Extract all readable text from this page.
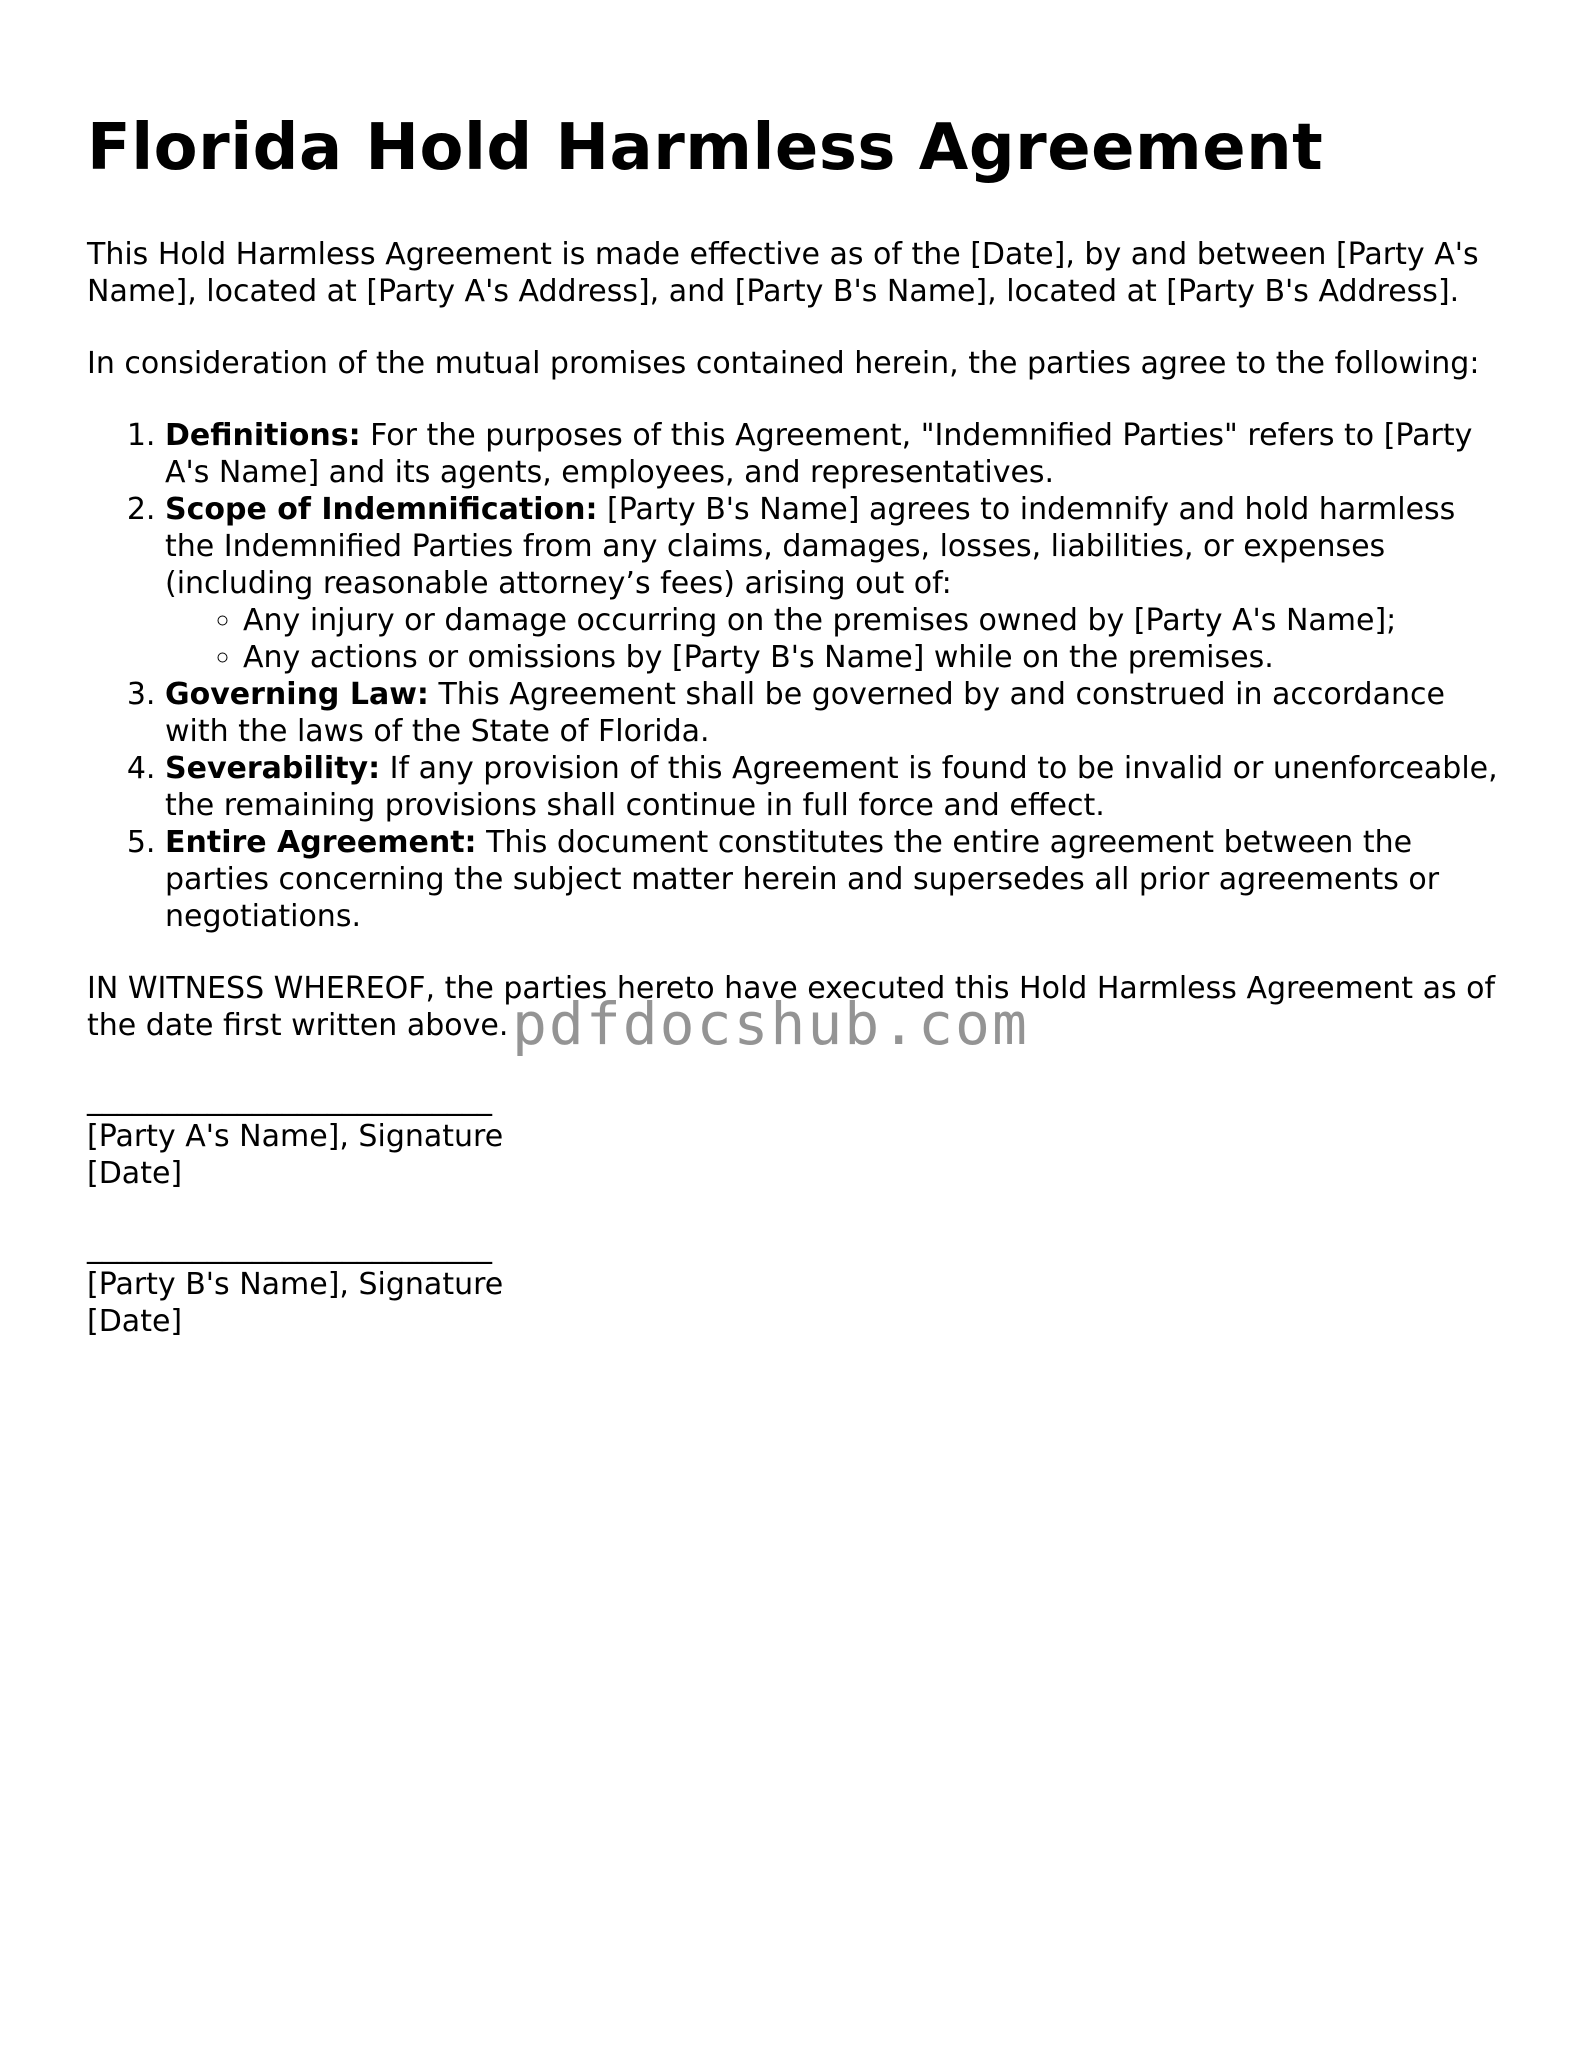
Florida Hold Harmless Agreement

This Hold Harmless Agreement is made effective as of the [Date], by and between [Party A's Name], located at [Party A's Address], and [Party B's Name], located at [Party B's Address].

In consideration of the mutual promises contained herein, the parties agree to the following:

1. Definitions: For the purposes of this Agreement, "Indemnified Parties" refers to [Party A's Name] and its agents, employees, and representatives.
2. Scope of Indemnification: [Party B's Name] agrees to indemnify and hold harmless the Indemnified Parties from any claims, damages, losses, liabilities, or expenses (including reasonable attorney’s fees) arising out of:
◦ Any injury or damage occurring on the premises owned by [Party A's Name];
◦ Any actions or omissions by [Party B's Name] while on the premises.
3. Governing Law: This Agreement shall be governed by and construed in accordance with the laws of the State of Florida.
4. Severability: If any provision of this Agreement is found to be invalid or unenforceable, the remaining provisions shall continue in full force and effect.
5. Entire Agreement: This document constitutes the entire agreement between the parties concerning the subject matter herein and supersedes all prior agreements or negotiations.

IN WITNESS WHEREOF, the parties hereto have executed this Hold Harmless Agreement as of the date first written above.

___________________________

[Party A's Name], Signature

[Date]

___________________________

[Party B's Name], Signature

[Date]

pdfdocshub.com
